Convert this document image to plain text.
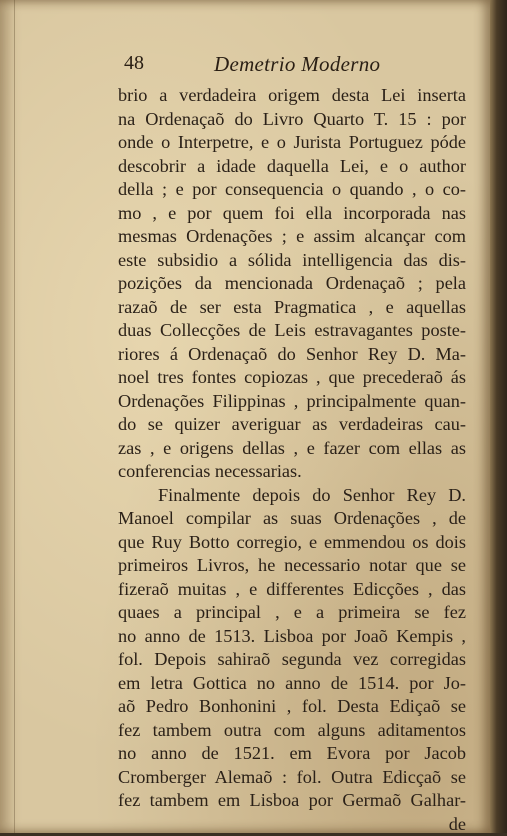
48	Demetrio Moderno
brio a verdadeira origem desta Lei inserta
na Ordenaçaõ do Livro Quarto T. 15 : por
onde o Interpetre, e o Jurista Portuguez póde
descobrir a idade daquella Lei, e o author
della ; e por consequencia o quando , o co-
mo , e por quem foi ella incorporada nas
mesmas Ordenações ; e assim alcançar com
este subsidio a sólida intelligencia das dis-
pozições da mencionada Ordenaçaõ ; pela
razaõ de ser esta Pragmatica , e aquellas
duas Collecções de Leis estravagantes poste-
riores á Ordenaçaõ do Senhor Rey D. Ma-
noel tres fontes copiozas , que precederaõ ás
Ordenações Filippinas , principalmente quan-
do se quizer averiguar as verdadeiras cau-
zas , e origens dellas , e fazer com ellas as
conferencias necessarias.
Finalmente depois do Senhor Rey D.
Manoel compilar as suas Ordenações , de
que Ruy Botto corregio, e emmendou os dois
primeiros Livros, he necessario notar que se
fizeraõ muitas , e differentes Edicções , das
quaes a principal , e a primeira se fez
no anno de 1513. Lisboa por Joaõ Kempis ,
fol. Depois sahiraõ segunda vez corregidas
em letra Gottica no anno de 1514. por Jo-
aõ Pedro Bonhonini , fol. Desta Ediçaõ se
fez tambem outra com alguns aditamentos
no anno de 1521. em Evora por Jacob
Cromberger Alemaõ : fol. Outra Edicçaõ se
fez tambem em Lisboa por Germaõ Galhar-
de
